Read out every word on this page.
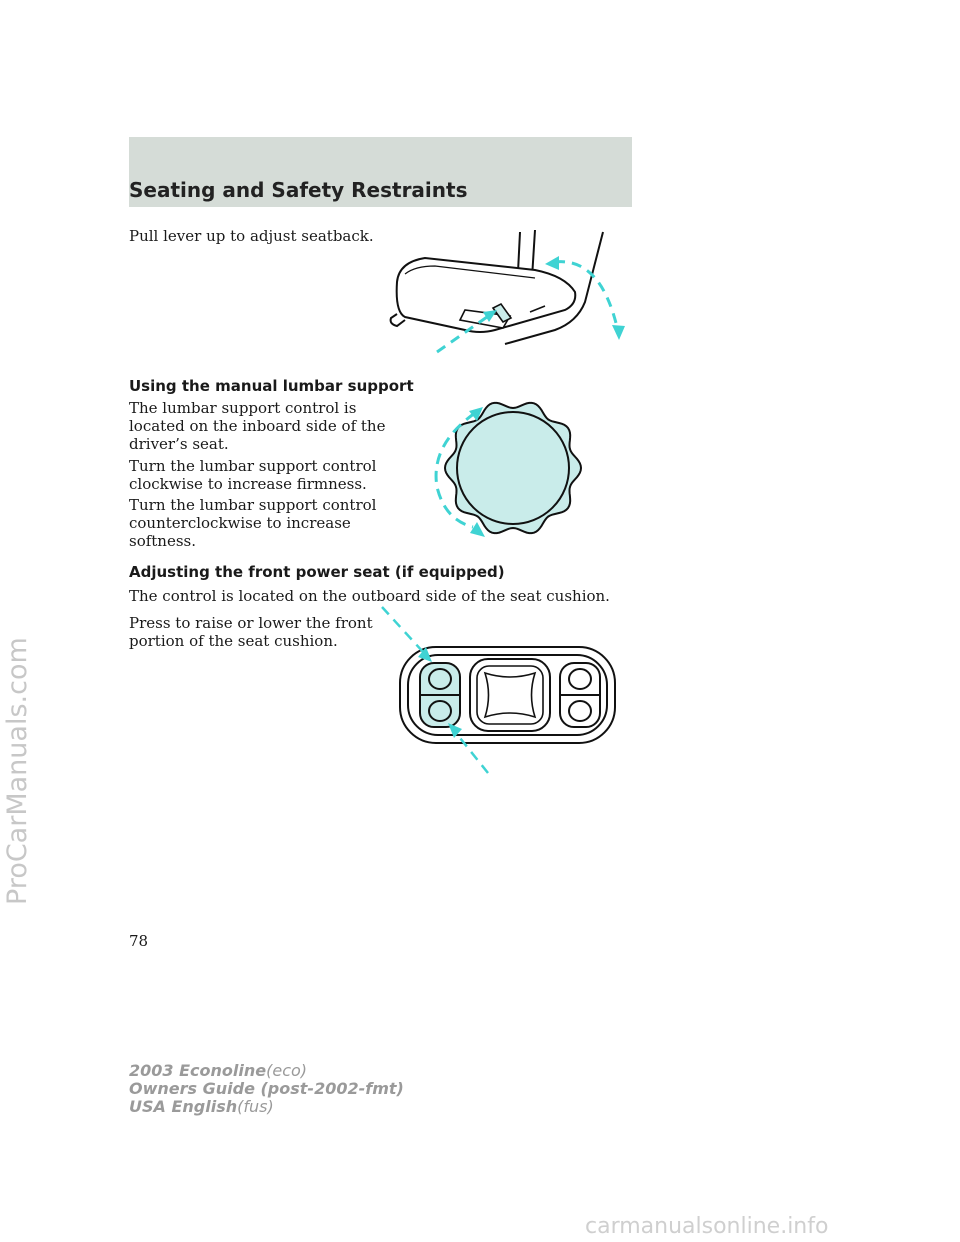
Seating and Safety Restraints

Pull lever up to adjust seatback.

Using the manual lumbar support

The lumbar support control is
located on the inboard side of the
driver’s seat.

Turn the lumbar support control
clockwise to increase firmness.

Turn the lumbar support control
counterclockwise to increase
softness.

Adjusting the front power seat (if equipped)

The control is located on the outboard side of the seat cushion.

Press to raise or lower the front
portion of the seat cushion.

78
2003 Econoline(eco)
Owners Guide (post-2002-fmt)
USA English(fus)
ProCarManuals.com
carmanualsonline.info
